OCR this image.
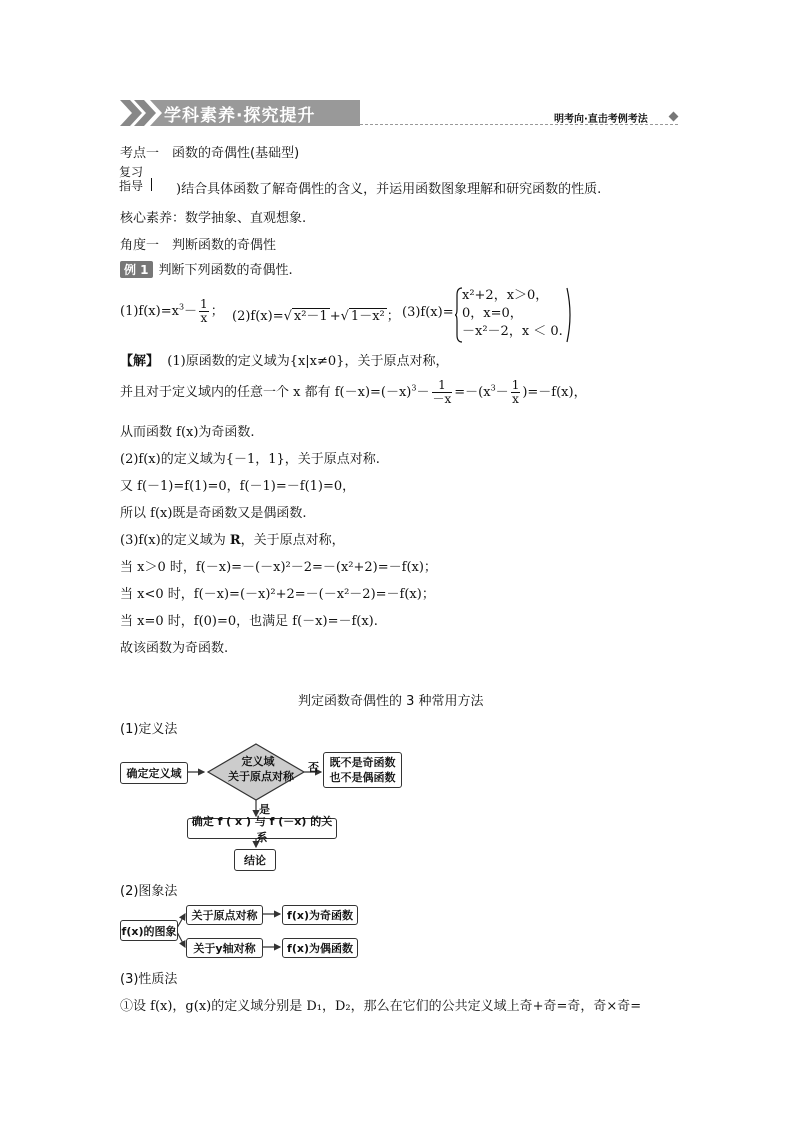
学科素养·探究提升	明考向·直击考例考法
考点一　函数的奇偶性(基础型)
复习
指导	)结合具体函数了解奇偶性的含义，并运用函数图象理解和研究函数的性质.
核心素养：数学抽象、直观想象.
角度一　判断函数的奇偶性
例 1 判断下列函数的奇偶性.
$(1)f(x)=x^3- \frac{1}{x}$ ； (2)f(x)=√ x²－1 +√ 1－x² ； (3)f(x)=
x²+2，x＞0，
0，x=0，
－x²－2，x ＜ 0.
【解】 (1)原函数的定义域为{x|x≠0}，关于原点对称，
并且对于定义域内的任意一个 x 都有 $f(-x)=(-x)^3- \frac{1}{-x} =-(x^3- \frac{1}{x} )=-f(x)$，
从而函数 f(x)为奇函数.
(2)f(x)的定义域为{－1，1}，关于原点对称.
又 f(－1)=f(1)=0，f(－1)=－f(1)=0，
所以 f(x)既是奇函数又是偶函数.
(3)f(x)的定义域为 R，关于原点对称，
当 x＞0 时，f(－x)=－(－x)²－2=－(x²+2)=－f(x)；
当 x<0 时，f(－x)=(－x)²+2=－(－x²－2)=－f(x)；
当 x=0 时，f(0)=0，也满足 f(－x)=－f(x).
故该函数为奇函数.
判定函数奇偶性的 3 种常用方法
(1)定义法
确定定义域
定义域
关于原点对称
否 既不是奇函数
也不是偶函数
是
确定 f ( x ) 与 f (－x) 的关系
结论
(2)图象法
f(x)的图象
关于原点对称	f(x)为奇函数
关于y轴对称	f(x)为偶函数
(3)性质法
①设 f(x)，g(x)的定义域分别是 D₁，D₂，那么在它们的公共定义域上奇+奇=奇，奇×奇=
